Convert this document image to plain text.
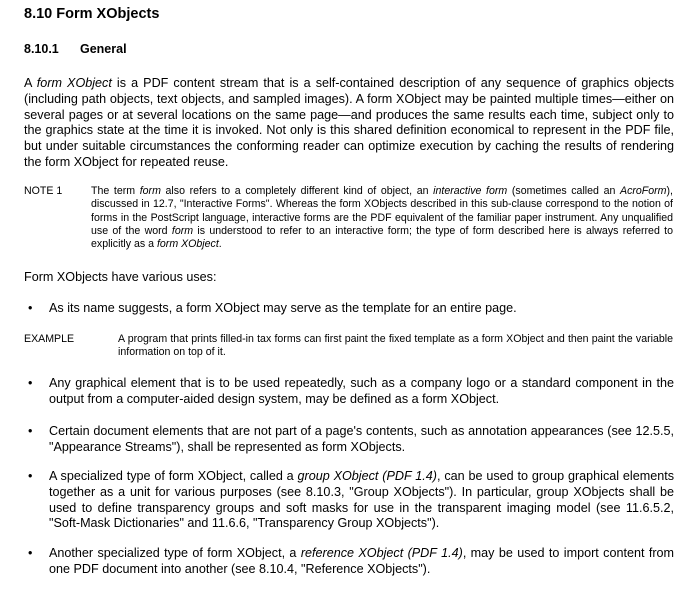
8.10 Form XObjects
8.10.1 General

A form XObject is a PDF content stream that is a self-contained description of any sequence of graphics objects (including path objects, text objects, and sampled images). A form XObject may be painted multiple times—either on several pages or at several locations on the same page—and produces the same results each time, subject only to the graphics state at the time it is invoked. Not only is this shared definition economical to represent in the PDF file, but under suitable circumstances the conforming reader can optimize execution by caching the results of rendering the form XObject for repeated reuse.

NOTE 1	The term form also refers to a completely different kind of object, an interactive form (sometimes called an AcroForm), discussed in 12.7, "Interactive Forms". Whereas the form XObjects described in this sub-clause correspond to the notion of forms in the PostScript language, interactive forms are the PDF equivalent of the familiar paper instrument. Any unqualified use of the word form is understood to refer to an interactive form; the type of form described here is always referred to explicitly as a form XObject.

Form XObjects have various uses:

• As its name suggests, a form XObject may serve as the template for an entire page.

EXAMPLE	A program that prints filled-in tax forms can first paint the fixed template as a form XObject and then paint the variable information on top of it.

• Any graphical element that is to be used repeatedly, such as a company logo or a standard component in the output from a computer-aided design system, may be defined as a form XObject.

• Certain document elements that are not part of a page's contents, such as annotation appearances (see 12.5.5, "Appearance Streams"), shall be represented as form XObjects.

• A specialized type of form XObject, called a group XObject (PDF 1.4), can be used to group graphical elements together as a unit for various purposes (see 8.10.3, "Group XObjects"). In particular, group XObjects shall be used to define transparency groups and soft masks for use in the transparent imaging model (see 11.6.5.2, "Soft-Mask Dictionaries" and 11.6.6, "Transparency Group XObjects").

• Another specialized type of form XObject, a reference XObject (PDF 1.4), may be used to import content from one PDF document into another (see 8.10.4, "Reference XObjects").
